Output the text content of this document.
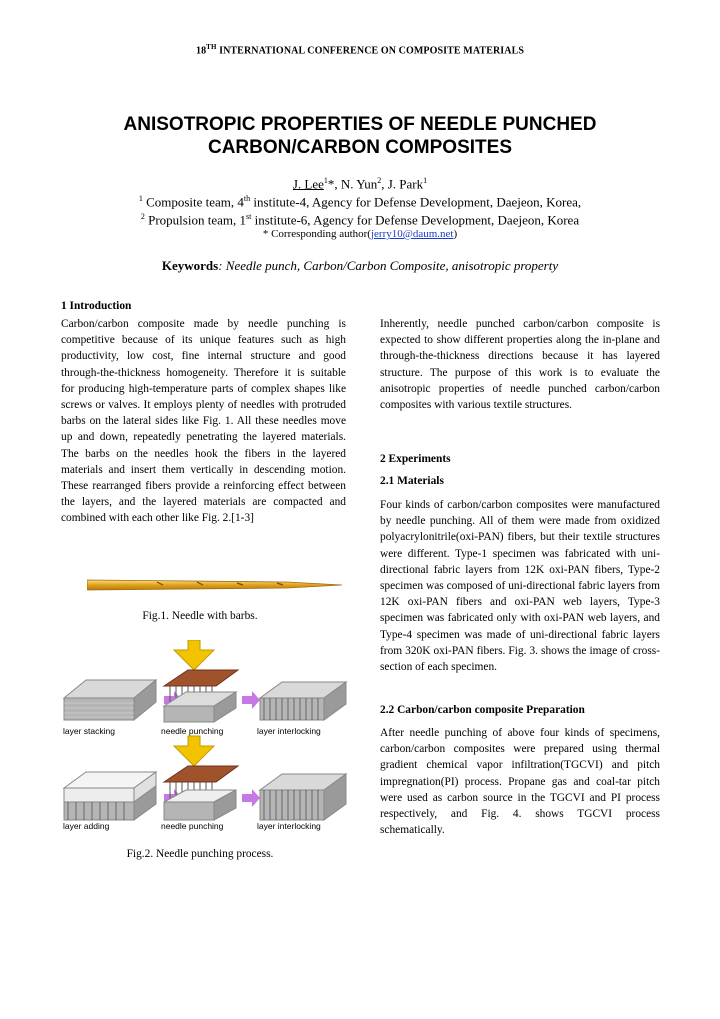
18TH INTERNATIONAL CONFERENCE ON COMPOSITE MATERIALS
ANISOTROPIC PROPERTIES OF NEEDLE PUNCHED
CARBON/CARBON COMPOSITES
J. Lee$^1$*, N. Yun$^2$, J. Park$^1$
$^1$ Composite team, 4th institute-4, Agency for Defense Development, Daejeon, Korea,
$^2$ Propulsion team, 1st institute-6, Agency for Defense Development, Daejeon, Korea
* Corresponding author(jerry10@daum.net)
Keywords: Needle punch, Carbon/Carbon Composite, anisotropic property
1 Introduction

Carbon/carbon composite made by needle punching is competitive because of its unique features such as high productivity, low cost, fine internal structure and good through-the-thickness homogeneity. Therefore it is suitable for producing high-temperature parts of complex shapes like screws or valves. It employs plenty of needles with protruded barbs on the lateral sides like Fig. 1. All these needles move up and down, repeatedly penetrating the layered materials. The barbs on the needles hook the fibers in the layered materials and insert them vertically in descending motion. These rearranged fibers provide a reinforcing effect between the layers, and the layered materials are compacted and combined with each other like Fig. 2.[1-3]

Fig.1. Needle with barbs.
layer stacking	needle punching	layer interlocking
layer adding	needle punching	layer interlocking
Fig.2. Needle punching process.

Inherently, needle punched carbon/carbon composite is expected to show different properties along the in-plane and through-the-thickness directions because it has layered structure. The purpose of this work is to evaluate the anisotropic properties of needle punched carbon/carbon composites with various textile structures.

2 Experiments
2.1 Materials

Four kinds of carbon/carbon composites were manufactured by needle punching. All of them were made from oxidized polyacrylonitrile(oxi-PAN) fibers, but their textile structures were different. Type-1 specimen was fabricated with uni-directional fabric layers from 12K oxi-PAN fibers, Type-2 specimen was composed of uni-directional fabric layers from 12K oxi-PAN fibers and oxi-PAN web layers, Type-3 specimen was fabricated only with oxi-PAN web layers, and Type-4 specimen was made of uni-directional fabric layers from 320K oxi-PAN fibers. Fig. 3. shows the image of cross-section of each specimen.

2.2 Carbon/carbon composite Preparation

After needle punching of above four kinds of specimens, carbon/carbon composites were prepared using thermal gradient chemical vapor infiltration(TGCVI) and pitch impregnation(PI) process. Propane gas and coal-tar pitch were used as carbon source in the TGCVI and PI process respectively, and Fig. 4. shows TGCVI process schematically.
